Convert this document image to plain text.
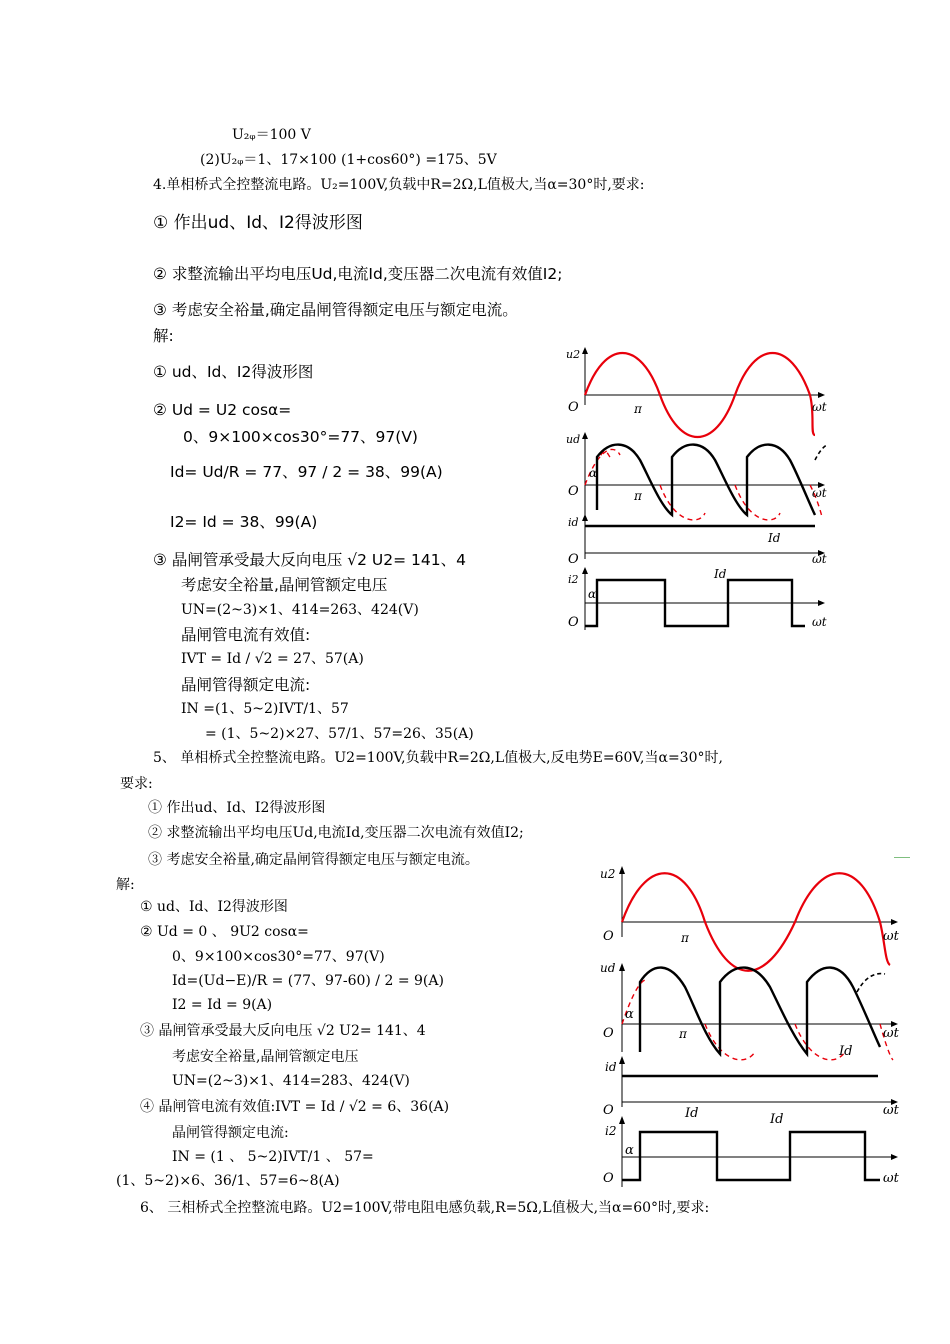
U₂ᵩ＝100 V
(2)U₂ᵩ＝1、17×100 (1+cos60°) =175、5V
4.单相桥式全控整流电路。U₂=100V,负载中R=2Ω,L值极大,当α=30°时,要求:
① 作出ud、Id、I2得波形图
② 求整流输出平均电压Ud,电流Id,变压器二次电流有效值I2;
③ 考虑安全裕量,确定晶闸管得额定电压与额定电流。
解:
① ud、Id、I2得波形图
② Ud = U2 cosα=
0、9×100×cos30°=77、97(V)
Id= Ud/R = 77、97 / 2 = 38、99(A)
I2= Id = 38、99(A)
③ 晶闸管承受最大反向电压 √2 U2= 141、4
考虑安全裕量,晶闸管额定电压
UN=(2~3)×1、414=263、424(V)
晶闸管电流有效值:
IVT = Id / √2 = 27、57(A)
晶闸管得额定电流:
IN =(1、5~2)IVT/1、57
= (1、5~2)×27、57/1、57=26、35(A)
5、 单相桥式全控整流电路。U2=100V,负载中R=2Ω,L值极大,反电势E=60V,当α=30°时,
要求:
① 作出ud、Id、I2得波形图
② 求整流输出平均电压Ud,电流Id,变压器二次电流有效值I2;
③ 考虑安全裕量,确定晶闸管得额定电压与额定电流。
解:
① ud、Id、I2得波形图
② Ud = 0 、 9U2 cosα=
0、9×100×cos30°=77、97(V)
Id=(Ud−E)/R = (77、97-60) / 2 = 9(A)
I2 = Id = 9(A)
③ 晶闸管承受最大反向电压 √2 U2= 141、4
考虑安全裕量,晶闸管额定电压
UN=(2~3)×1、414=283、424(V)
④ 晶闸管电流有效值:IVT = Id / √2 = 6、36(A)
晶闸管得额定电流:
IN = (1 、 5~2)IVT/1 、 57=
(1、5~2)×6、36/1、57=6~8(A)
6、 三相桥式全控整流电路。U2=100V,带电阻电感负载,R=5Ω,L值极大,当α=60°时,要求:
u2
O	π	ωt
ud
α
O	π	ωt
id
Id
O	ωt
i2
α
Id
O	ωt
u2
O	π	ωt
ud
α
π
O	ωt
Id
id
O	ωt
i2
α
Id	Id
O	ωt
